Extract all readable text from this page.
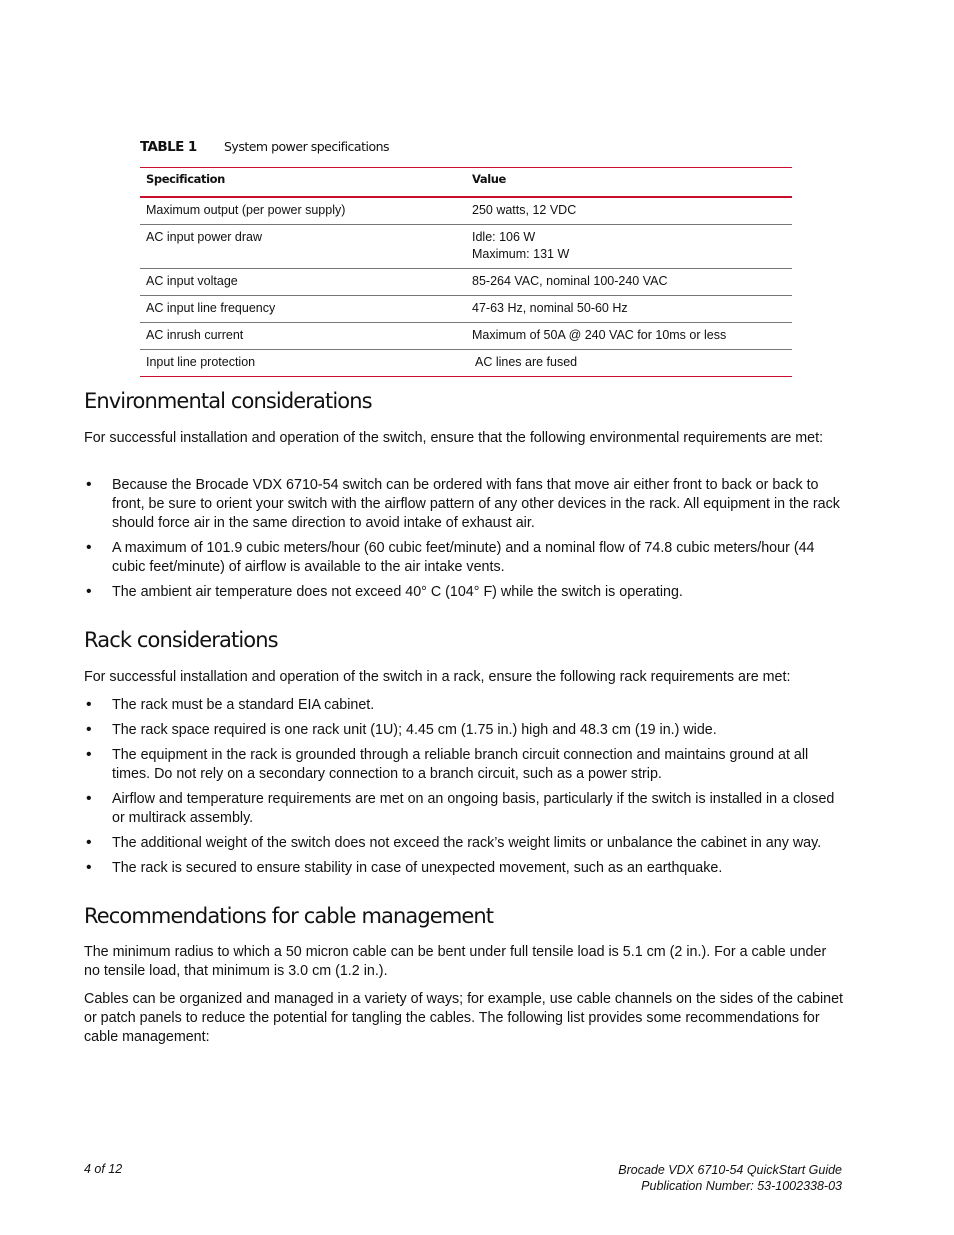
TABLE 1 System power specifications
Specification	Value
Maximum output (per power supply)	250 watts, 12 VDC
AC input power draw	Idle: 106 W
Maximum: 131 W

AC input voltage	85-264 VAC, nominal 100-240 VAC
AC input line frequency	47-63 Hz, nominal 50-60 Hz
AC inrush current	Maximum of 50A @ 240 VAC for 10ms or less
Input line protection	AC lines are fused
Environmental considerations

For successful installation and operation of the switch, ensure that the following environmental requirements are met:

• Because the Brocade VDX 6710-54 switch can be ordered with fans that move air either front to back or back to front, be sure to orient your switch with the airflow pattern of any other devices in the rack. All equipment in the rack should force air in the same direction to avoid intake of exhaust air.
• A maximum of 101.9 cubic meters/hour (60 cubic feet/minute) and a nominal flow of 74.8 cubic meters/hour (44 cubic feet/minute) of airflow is available to the air intake vents.
• The ambient air temperature does not exceed 40° C (104° F) while the switch is operating.
Rack considerations

For successful installation and operation of the switch in a rack, ensure the following rack requirements are met:

• The rack must be a standard EIA cabinet.
• The rack space required is one rack unit (1U); 4.45 cm (1.75 in.) high and 48.3 cm (19 in.) wide.
• The equipment in the rack is grounded through a reliable branch circuit connection and maintains ground at all times. Do not rely on a secondary connection to a branch circuit, such as a power strip.
• Airflow and temperature requirements are met on an ongoing basis, particularly if the switch is installed in a closed or multirack assembly.
• The additional weight of the switch does not exceed the rack’s weight limits or unbalance the cabinet in any way.
• The rack is secured to ensure stability in case of unexpected movement, such as an earthquake.
Recommendations for cable management

The minimum radius to which a 50 micron cable can be bent under full tensile load is 5.1 cm (2 in.). For a cable under no tensile load, that minimum is 3.0 cm (1.2 in.).

Cables can be organized and managed in a variety of ways; for example, use cable channels on the sides of the cabinet or patch panels to reduce the potential for tangling the cables. The following list provides some recommendations for cable management:

4 of 12	Brocade VDX 6710-54 QuickStart Guide
Publication Number: 53-1002338-03
